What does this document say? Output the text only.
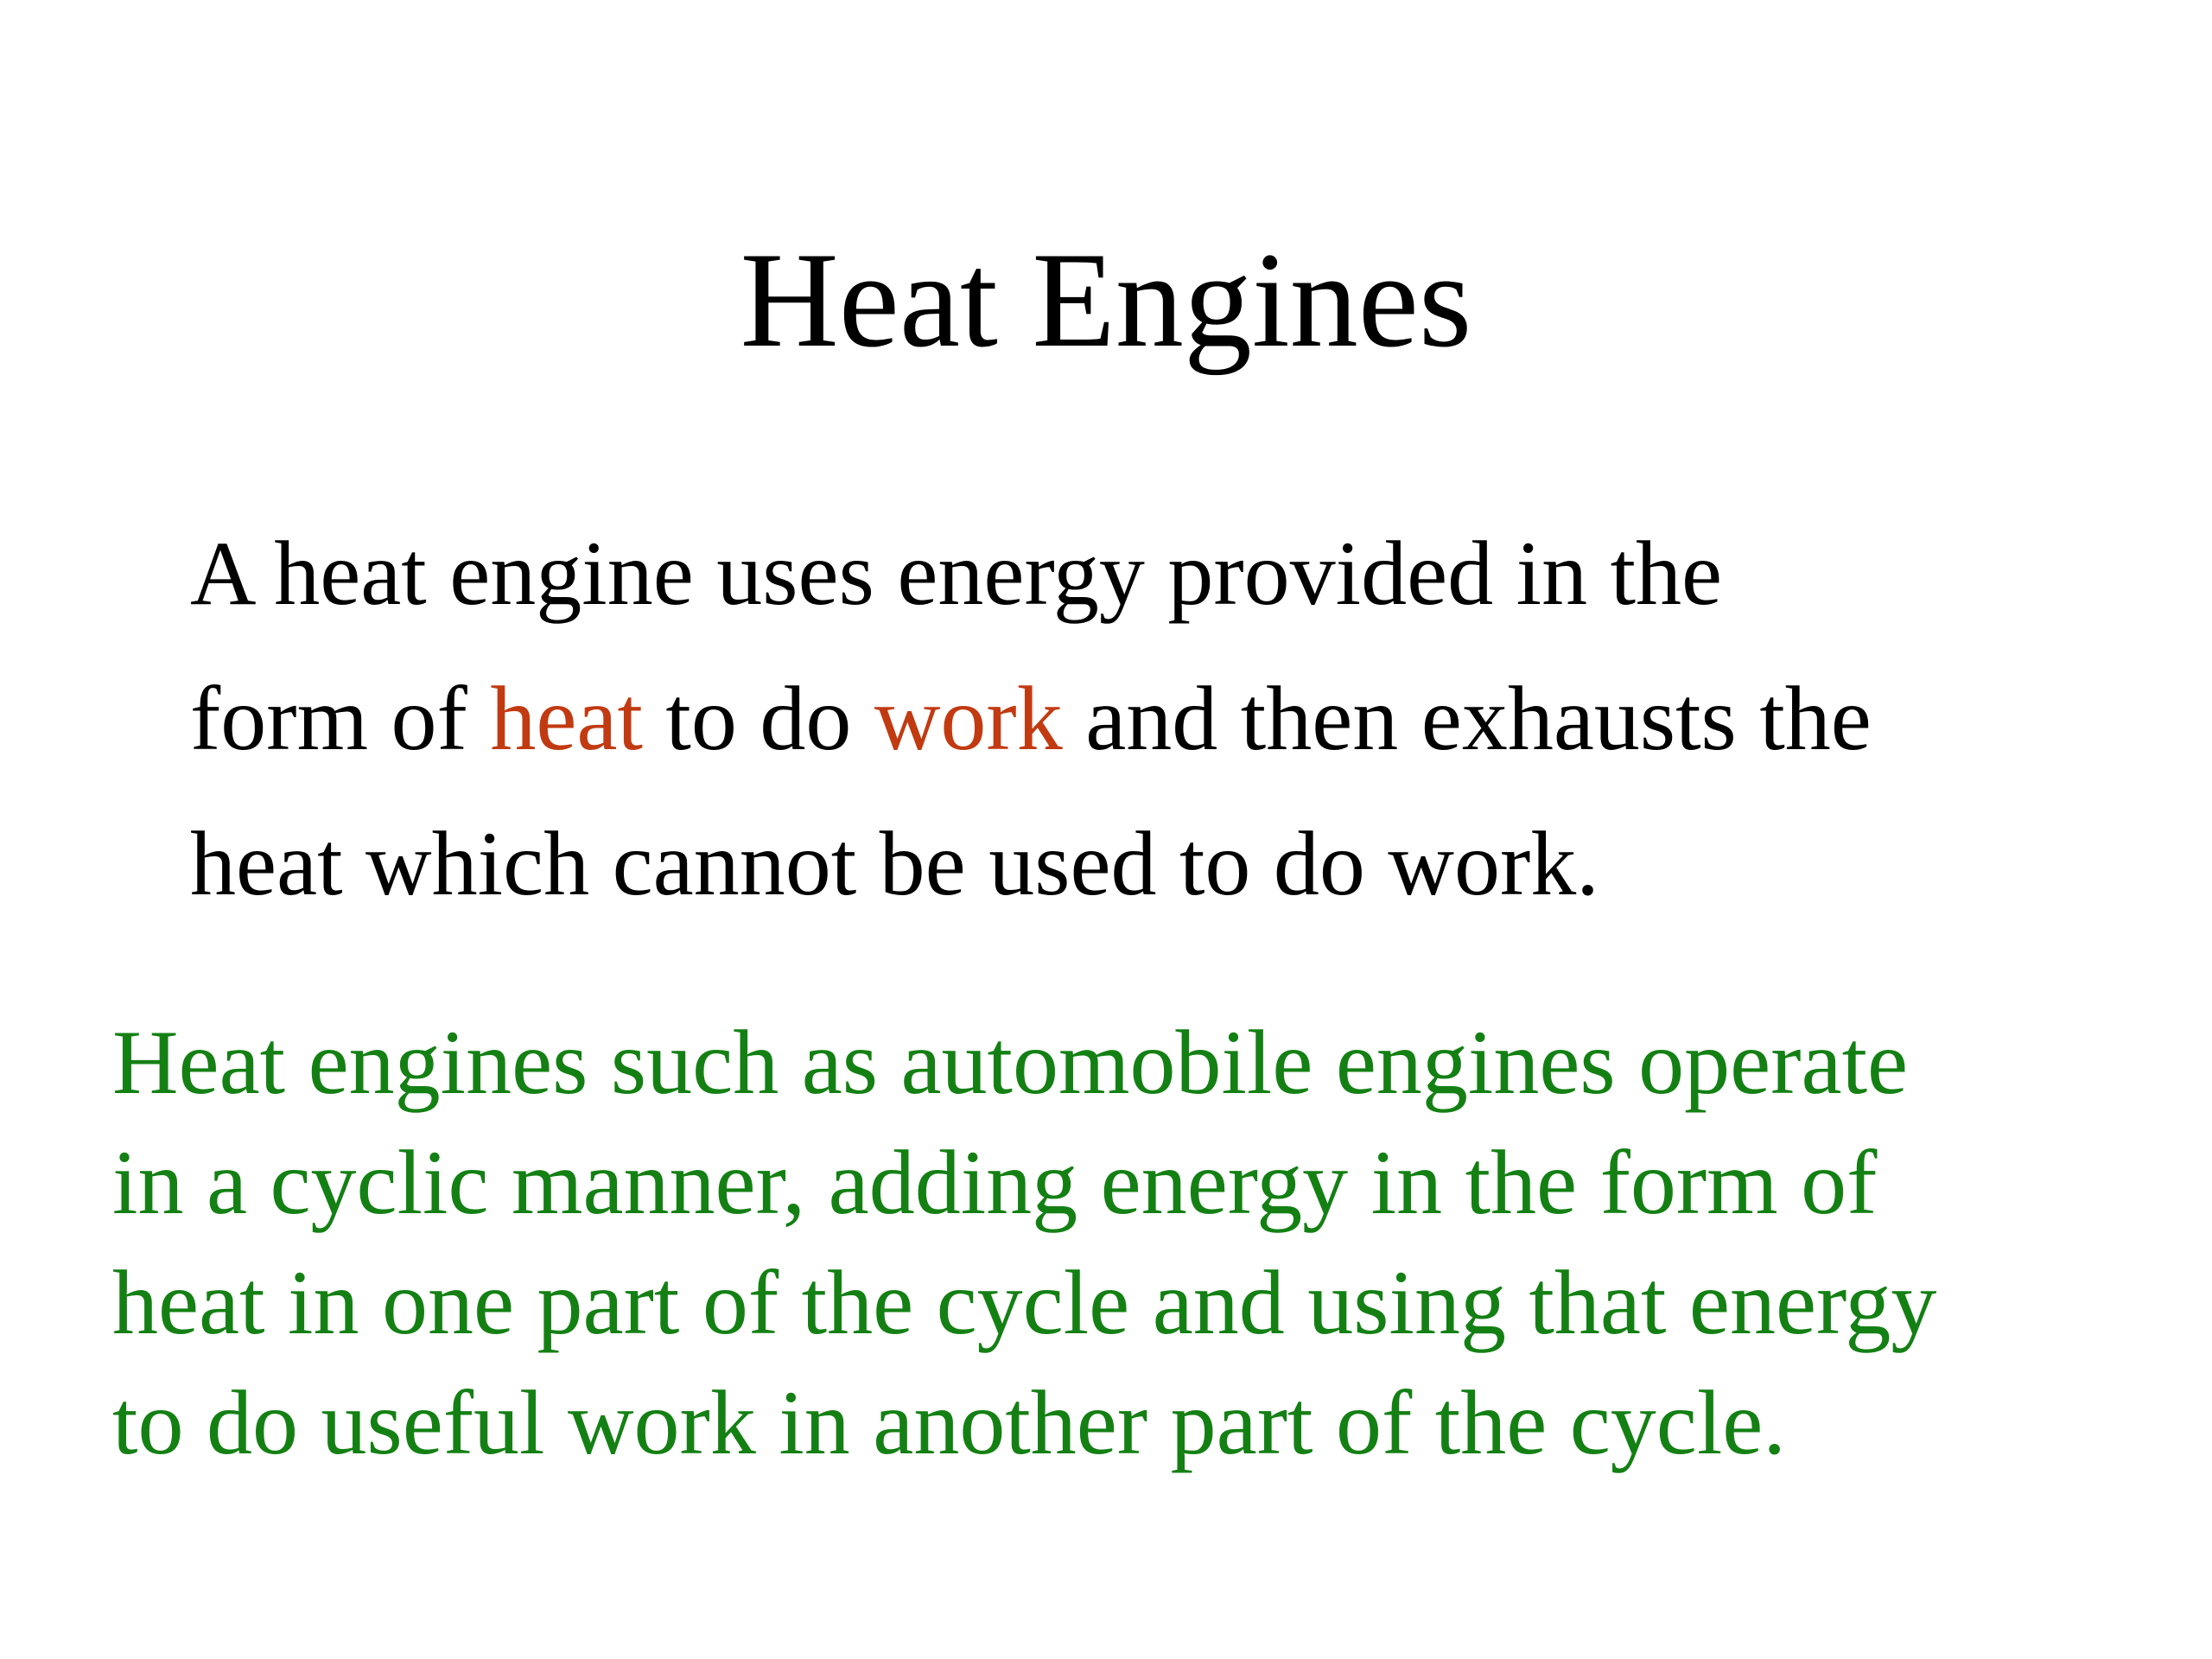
Heat Engines
A heat engine uses energy provided in the
form of heat to do work and then exhausts the
heat which cannot be used to do work.
Heat engines such as automobile engines operate
in a cyclic manner, adding energy in the form of
heat in one part of the cycle and using that energy
to do useful work in another part of the cycle.
